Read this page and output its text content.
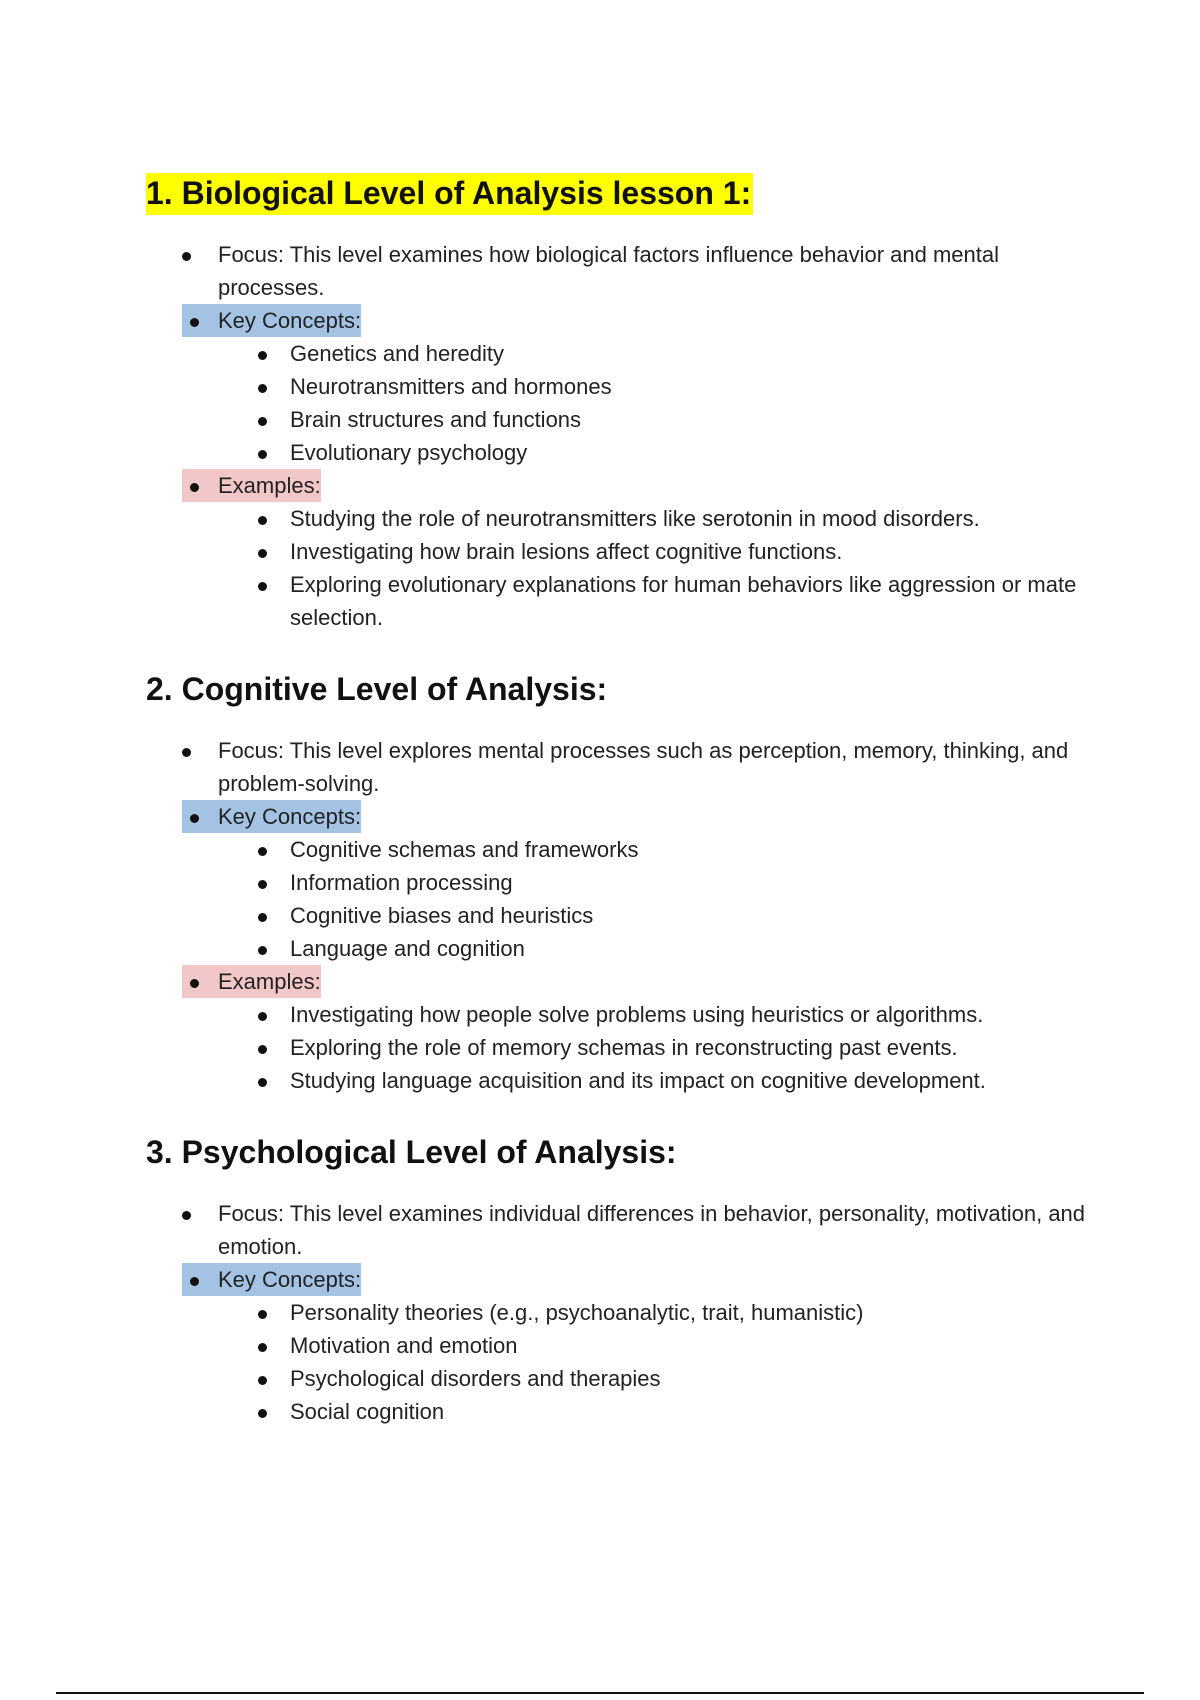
1. Biological Level of Analysis lesson 1:
Focus: This level examines how biological factors influence behavior and mental processes.
Key Concepts:
Genetics and heredity
Neurotransmitters and hormones
Brain structures and functions
Evolutionary psychology
Examples:
Studying the role of neurotransmitters like serotonin in mood disorders.
Investigating how brain lesions affect cognitive functions.
Exploring evolutionary explanations for human behaviors like aggression or mate selection.
2. Cognitive Level of Analysis:
Focus: This level explores mental processes such as perception, memory, thinking, and problem-solving.
Key Concepts:
Cognitive schemas and frameworks
Information processing
Cognitive biases and heuristics
Language and cognition
Examples:
Investigating how people solve problems using heuristics or algorithms.
Exploring the role of memory schemas in reconstructing past events.
Studying language acquisition and its impact on cognitive development.
3. Psychological Level of Analysis:
Focus: This level examines individual differences in behavior, personality, motivation, and emotion.
Key Concepts:
Personality theories (e.g., psychoanalytic, trait, humanistic)
Motivation and emotion
Psychological disorders and therapies
Social cognition
